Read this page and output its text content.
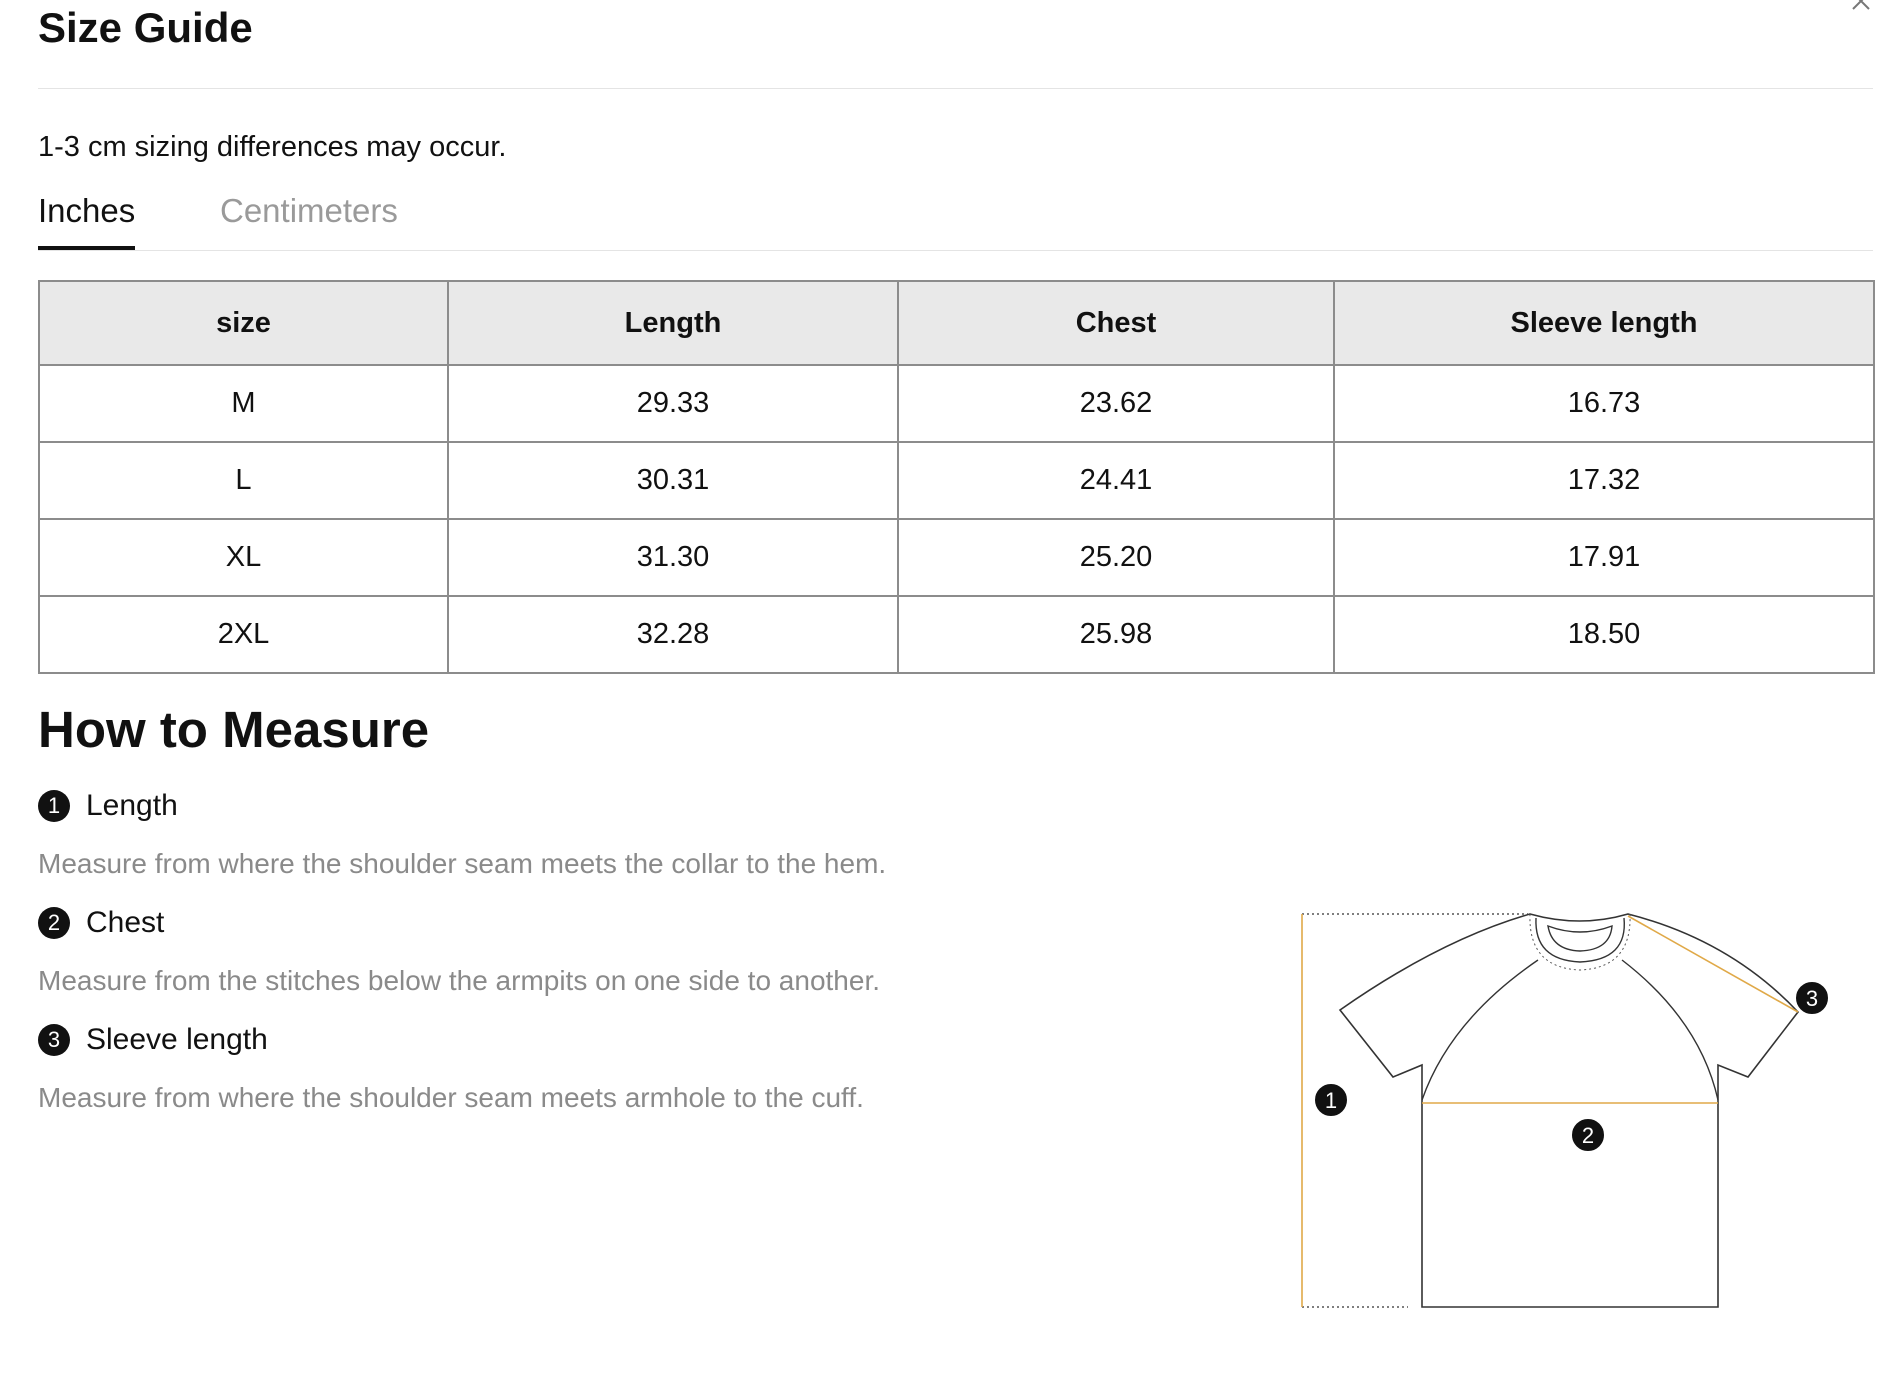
Size Guide
1-3 cm sizing differences may occur.
Inches	Centimeters
size	Length	Chest	Sleeve length
M	29.33	23.62	16.73
L	30.31	24.41	17.32
XL	31.30	25.20	17.91
2XL	32.28	25.98	18.50
How to Measure
1 Length
Measure from where the shoulder seam meets the collar to the hem.
2 Chest
Measure from the stitches below the armpits on one side to another.
3 Sleeve length
Measure from where the shoulder seam meets armhole to the cuff.	1
2
3
